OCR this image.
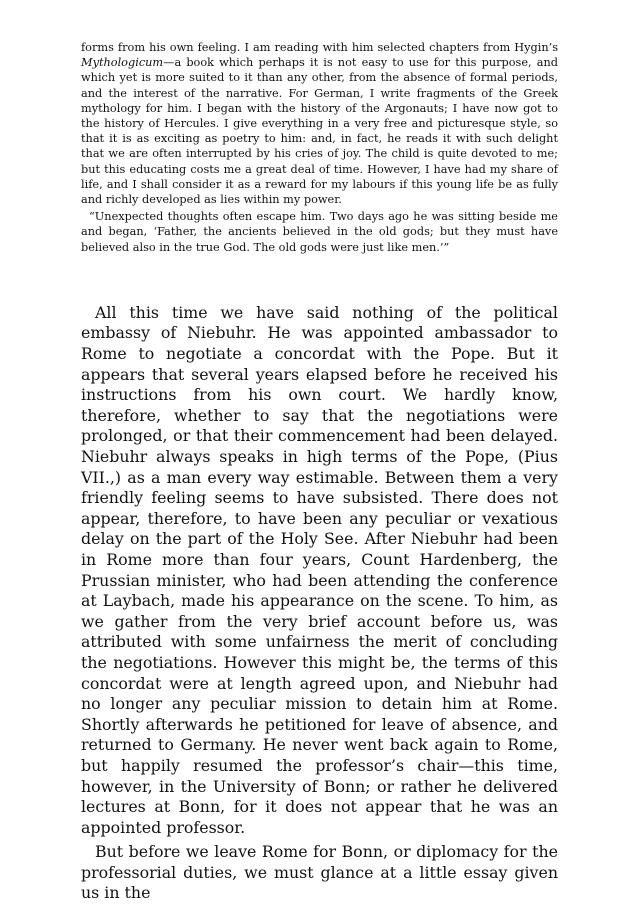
forms from his own feeling. I am reading with him selected chapters from Hygin’s Mythologicum—a book which perhaps it is not easy to use for this purpose, and which yet is more suited to it than any other, from the absence of formal periods, and the interest of the narrative. For German, I write fragments of the Greek mythology for him. I began with the history of the Argonauts; I have now got to the history of Hercules. I give everything in a very free and picturesque style, so that it is as exciting as poetry to him: and, in fact, he reads it with such delight that we are often interrupted by his cries of joy. The child is quite devoted to me; but this educating costs me a great deal of time. However, I have had my share of life, and I shall consider it as a reward for my labours if this young life be as fully and richly developed as lies within my power.

“Unexpected thoughts often escape him. Two days ago he was sitting beside me and began, ‘Father, the ancients believed in the old gods; but they must have believed also in the true God. The old gods were just like men.’”

All this time we have said nothing of the political embassy of Niebuhr. He was appointed ambassador to Rome to negotiate a concordat with the Pope. But it appears that several years elapsed before he received his instructions from his own court. We hardly know, therefore, whether to say that the negotiations were prolonged, or that their commencement had been delayed. Niebuhr always speaks in high terms of the Pope, (Pius VII.,) as a man every way estimable. Between them a very friendly feeling seems to have subsisted. There does not appear, therefore, to have been any peculiar or vexatious delay on the part of the Holy See. After Niebuhr had been in Rome more than four years, Count Hardenberg, the Prussian minister, who had been attending the conference at Laybach, made his appearance on the scene. To him, as we gather from the very brief account before us, was attributed with some unfairness the merit of concluding the negotiations. However this might be, the terms of this concordat were at length agreed upon, and Niebuhr had no longer any peculiar mission to detain him at Rome. Shortly afterwards he petitioned for leave of absence, and returned to Germany. He never went back again to Rome, but happily resumed the professor’s chair—this time, however, in the University of Bonn; or rather he delivered lectures at Bonn, for it does not appear that he was an appointed professor.

But before we leave Rome for Bonn, or diplomacy for the professorial duties, we must glance at a little essay given us in the
